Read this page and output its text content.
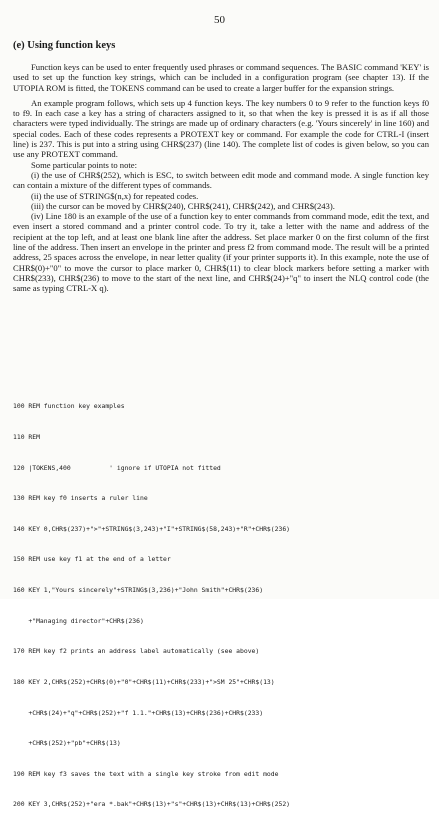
50
(e) Using function keys

Function keys can be used to enter frequently used phrases or command sequences. The BASIC command 'KEY' is used to set up the function key strings, which can be included in a configuration program (see chapter 13). If the UTOPIA ROM is fitted, the TOKENS command can be used to create a larger buffer for the expansion strings.

An example program follows, which sets up 4 function keys. The key numbers 0 to 9 refer to the function keys f0 to f9. In each case a key has a string of characters assigned to it, so that when the key is pressed it is as if all those characters were typed individually. The strings are made up of ordinary characters (e.g. 'Yours sincerely' in line 160) and special codes. Each of these codes represents a PROTEXT key or command. For example the code for CTRL-I (insert line) is 237. This is put into a string using CHR$(237) (line 140). The complete list of codes is given below, so you can use any PROTEXT command.

Some particular points to note:

(i) the use of CHR$(252), which is ESC, to switch between edit mode and command mode. A single function key can contain a mixture of the different types of commands.

(ii) the use of STRING$(n,x) for repeated codes.

(iii) the cursor can be moved by CHR$(240), CHR$(241), CHR$(242), and CHR$(243).

(iv) Line 180 is an example of the use of a function key to enter commands from command mode, edit the text, and even insert a stored command and a printer control code. To try it, take a letter with the name and address of the recipient at the top left, and at least one blank line after the address. Set place marker 0 on the first column of the first line of the address. Then insert an envelope in the printer and press f2 from command mode. The result will be a printed address, 25 spaces across the envelope, in near letter quality (if your printer supports it). In this example, note the use of CHR$(0)+"0" to move the cursor to place marker 0, CHR$(11) to clear block markers before setting a marker with CHR$(233), CHR$(236) to move to the start of the next line, and CHR$(24)+"q" to insert the NLQ control code (the same as typing CTRL-X q).

100 REM function key examples

110 REM

120 |TOKENS,400          ' ignore if UTOPIA not fitted

130 REM key f0 inserts a ruler line

140 KEY 0,CHR$(237)+">"+STRING$(3,243)+"I"+STRING$(58,243)+"R"+CHR$(236)

150 REM use key f1 at the end of a letter

160 KEY 1,"Yours sincerely"+STRING$(3,236)+"John Smith"+CHR$(236)

+"Managing director"+CHR$(236)

170 REM key f2 prints an address label automatically (see above)

180 KEY 2,CHR$(252)+CHR$(0)+"0"+CHR$(11)+CHR$(233)+">SM 25"+CHR$(13)

+CHR$(24)+"q"+CHR$(252)+"f 1.1."+CHR$(13)+CHR$(236)+CHR$(233)

+CHR$(252)+"pb"+CHR$(13)

190 REM key f3 saves the text with a single key stroke from edit mode

200 KEY 3,CHR$(252)+"era *.bak"+CHR$(13)+"s"+CHR$(13)+CHR$(13)+CHR$(252)
